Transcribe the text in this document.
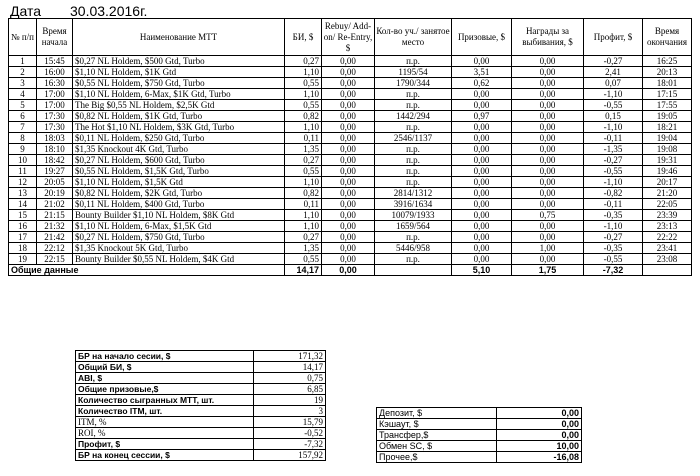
Дата 30.03.2016г.
№ п/п	Время начала	Наименование МТТ	БИ, $	Rebuy/ Add-on/ Re-Entry, $	Кол-во уч./ занятое место	Призовые, $	Награды за выбивания, $	Профит, $	Время окончания
1	15:45	$0,27 NL Holdem, $500 Gtd, Turbo	0,27	0,00	п.р.	0,00	0,00	-0,27	16:25
2	16:00	$1,10 NL Holdem, $1K Gtd	1,10	0,00	1195/54	3,51	0,00	2,41	20:13
3	16:30	$0,55 NL Holdem, $750 Gtd, Turbo	0,55	0,00	1790/344	0,62	0,00	0,07	18:01
4	17:00	$1,10 NL Holdem, 6-Max, $1K Gtd, Turbo	1,10	0,00	п.р.	0,00	0,00	-1,10	17:15
5	17:00	The Big $0,55 NL Holdem, $2,5K Gtd	0,55	0,00	п.р.	0,00	0,00	-0,55	17:55
6	17:30	$0,82 NL Holdem, $1K Gtd, Turbo	0,82	0,00	1442/294	0,97	0,00	0,15	19:05
7	17:30	The Hot $1,10 NL Holdem, $3K Gtd, Turbo	1,10	0,00	п.р.	0,00	0,00	-1,10	18:21
8	18:03	$0,11 NL Holdem, $250 Gtd, Turbo	0,11	0,00	2546/1137	0,00	0,00	-0,11	19:04
9	18:10	$1,35 Knockout 4K Gtd, Turbo	1,35	0,00	п.р.	0,00	0,00	-1,35	19:08
10	18:42	$0,27 NL Holdem, $600 Gtd, Turbo	0,27	0,00	п.р.	0,00	0,00	-0,27	19:31
11	19:27	$0,55 NL Holdem, $1,5K Gtd, Turbo	0,55	0,00	п.р.	0,00	0,00	-0,55	19:46
12	20:05	$1,10 NL Holdem, $1,5K Gtd	1,10	0,00	п.р.	0,00	0,00	-1,10	20:17
13	20:19	$0,82 NL Holdem, $2K Gtd, Turbo	0,82	0,00	2814/1312	0,00	0,00	-0,82	21:20
14	21:02	$0,11 NL Holdem, $400 Gtd, Turbo	0,11	0,00	3916/1634	0,00	0,00	-0,11	22:05
15	21:15	Bounty Builder $1,10 NL Holdem, $8K Gtd	1,10	0,00	10079/1933	0,00	0,75	-0,35	23:39
16	21:32	$1,10 NL Holdem, 6-Max, $1,5K Gtd	1,10	0,00	1659/564	0,00	0,00	-1,10	23:13
17	21:42	$0,27 NL Holdem, $750 Gtd, Turbo	0,27	0,00	п.р.	0,00	0,00	-0,27	22:22
18	22:12	$1,35 Knockout 5K Gtd, Turbo	1,35	0,00	5446/958	0,00	1,00	-0,35	23:41
19	22:15	Bounty Builder $0,55 NL Holdem, $4K Gtd	0,55	0,00	п.р.	0,00	0,00	-0,55	23:08
Общие данные			14,17	0,00		5,10	1,75	-7,32	
БР на начало сесии, $	171,32
Общий БИ, $	14,17
ABI, $	0,75
Общие призовые,$	6,85
Количество сыгранных МТТ, шт.	19
Количество ITM, шт.	3
ITM, %	15,79
ROI, %	-0,52
Профит, $	-7,32
БР на конец сессии, $	157,92
Депозит, $	0,00
Кэшаут, $	0,00
Трансфер,$	0,00
Обмен SC, $	10,00
Прочее,$	-16,08
